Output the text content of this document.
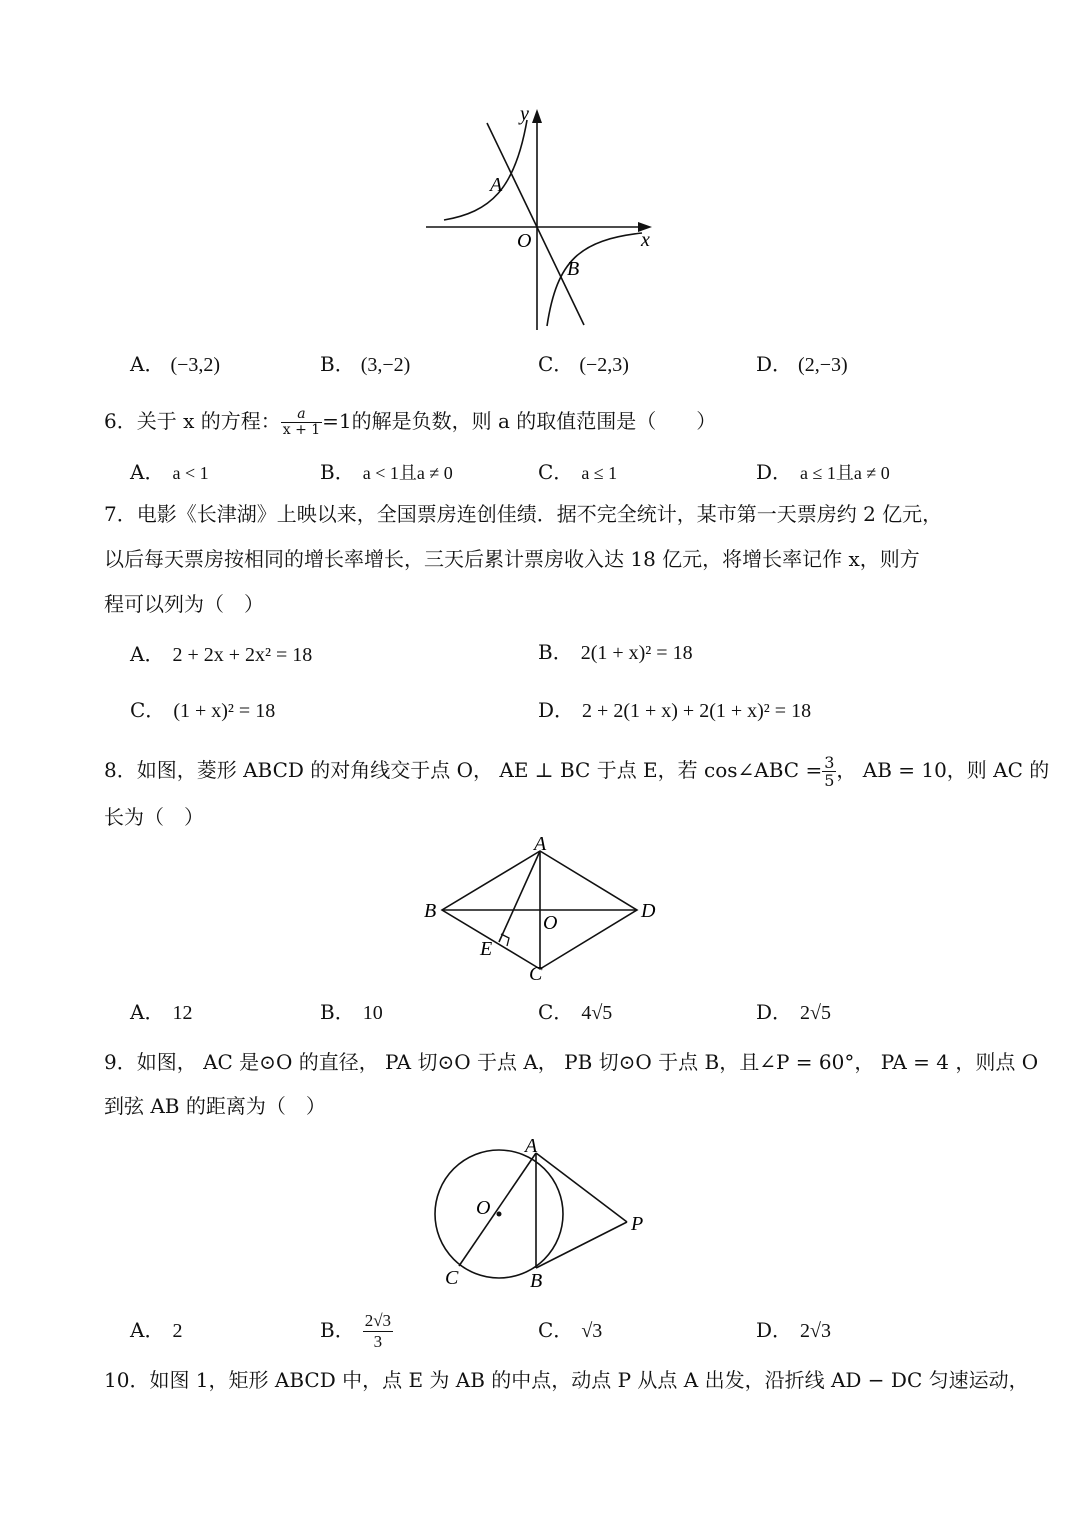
y
x
O
A
B
A． (−3,2)	B． (3,−2)	C． (−2,3)	D． (2,−3)
6．关于 x 的方程： $\frac{a}{x + 1} =1$的解是负数，则 a 的取值范围是（　　）
A． a < 1	B． a < 1且a ≠ 0	C． a ≤ 1	D． a ≤ 1且a ≠ 0
7．电影《长津湖》上映以来，全国票房连创佳绩．据不完全统计，某市第一天票房约 2 亿元，
以后每天票房按相同的增长率增长，三天后累计票房收入达 18 亿元，将增长率记作 x，则方
程可以列为（　）
A． 2 + 2x + 2x² = 18	B． 2(1 + x)² = 18
C． (1 + x)² = 18	D． 2 + 2(1 + x) + 2(1 + x)² = 18
8．如图，菱形 ABCD 的对角线交于点 O， AE ⊥ BC 于点 E，若 cos∠ABC = $\frac{3}{5}$ ， AB = 10，则 AC 的
长为（　）
A
B	D
C
E
O
A． 12	B． 10	C． 4√5	D． 2√5
9．如图， AC 是⊙O 的直径， PA 切⊙O 于点 A， PB 切⊙O 于点 B，且∠P = 60°， PA = 4 ，则点 O
到弦 AB 的距离为（　）
A
O
P
C	B
A． 2	B． $\frac{2√3}{3}$	C． √3	D． 2√3
10．如图 1，矩形 ABCD 中，点 E 为 AB 的中点，动点 P 从点 A 出发，沿折线 AD − DC 匀速运动，
